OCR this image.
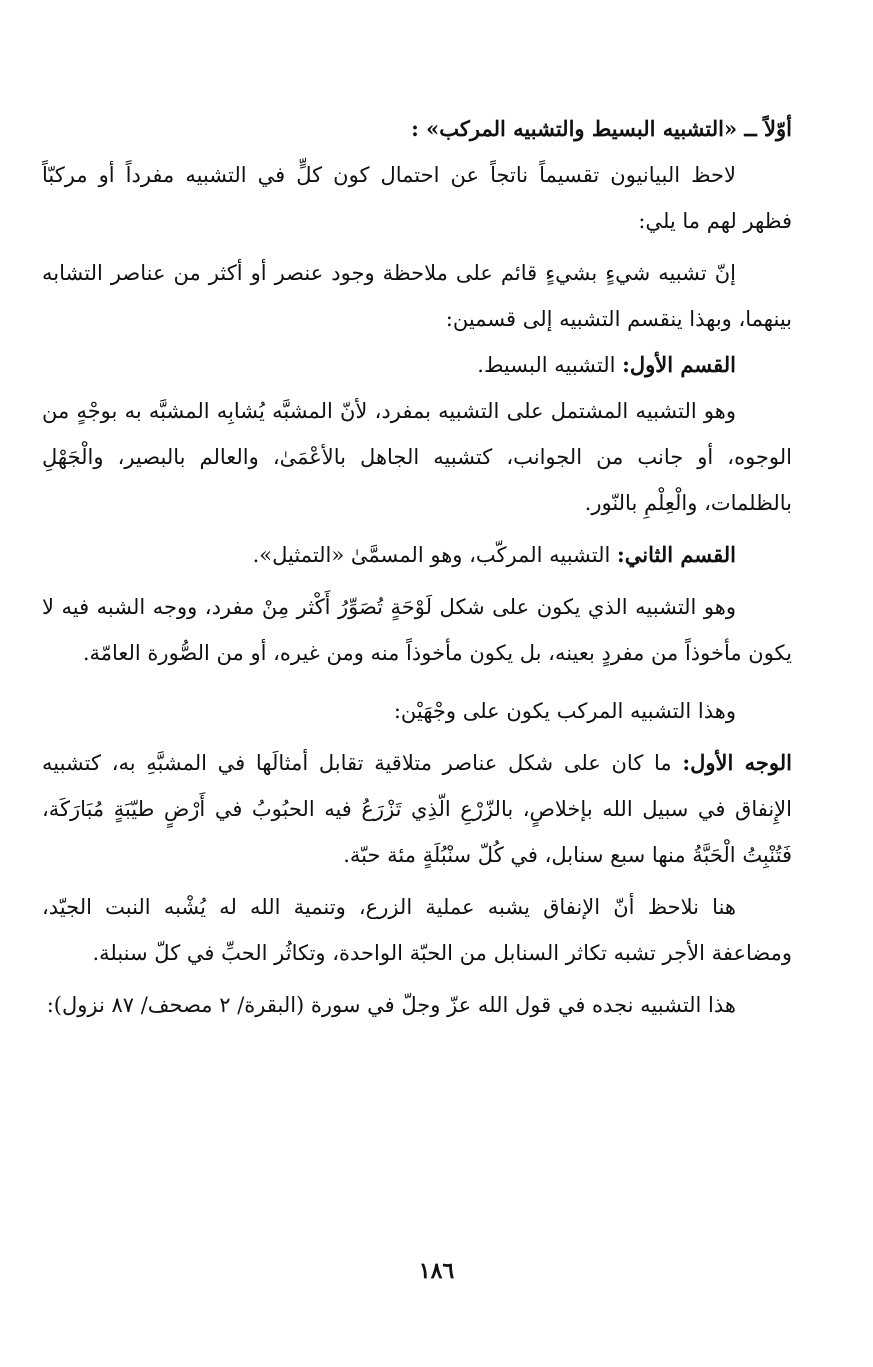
أوّلاً ــ «التشبيه البسيط والتشبيه المركب» :

لاحظ البيانيون تقسيماً ناتجاً عن احتمال كون كلٍّ في التشبيه مفرداً أو مركبّاً فظهر لهم ما يلي:

إنّ تشبيه شيءٍ بشيءٍ قائم على ملاحظة وجود عنصر أو أكثر من عناصر التشابه بينهما، وبهذا ينقسم التشبيه إلى قسمين:

القسم الأول: التشبيه البسيط.

وهو التشبيه المشتمل على التشبيه بمفرد، لأنّ المشبَّه يُشابِه المشبَّه به بوجْهٍ من الوجوه، أو جانب من الجوانب، كتشبيه الجاهل بالأعْمَىٰ، والعالم بالبصير، والْجَهْلِ بالظلمات، والْعِلْمِ بالنّور.

القسم الثاني: التشبيه المركّب، وهو المسمَّىٰ «التمثيل».

وهو التشبيه الذي يكون على شكل لَوْحَةٍ تُصَوِّرُ أَكْثر مِنْ مفرد، ووجه الشبه فيه لا يكون مأخوذاً من مفردٍ بعينه، بل يكون مأخوذاً منه ومن غيره، أو من الصُّورة العامّة.

وهذا التشبيه المركب يكون على وجْهَيْن:

الوجه الأول: ما كان على شكل عناصر متلاقية تقابل أمثالَها في المشبَّهِ به، كتشبيه الإِنفاق في سبيل الله بإخلاصٍ، بالزّرْعِ الّذِي تَزْرَعُ فيه الحبُوبُ في أَرْضٍ طيّبَةٍ مُبَارَكَة، فَتُنْبِتُ الْحَبَّةُ منها سبع سنابل، في كُلّ سنْبُلَةٍ مئة حبّة.

هنا نلاحظ أنّ الإنفاق يشبه عملية الزرع، وتنمية الله له يُشْبه النبت الجيّد، ومضاعفة الأجر تشبه تكاثر السنابل من الحبّة الواحدة، وتكاثُر الحبِّ في كلّ سنبلة.

هذا التشبيه نجده في قول الله عزّ وجلّ في سورة (البقرة/ ٢ مصحف/ ٨٧ نزول):

١٨٦
